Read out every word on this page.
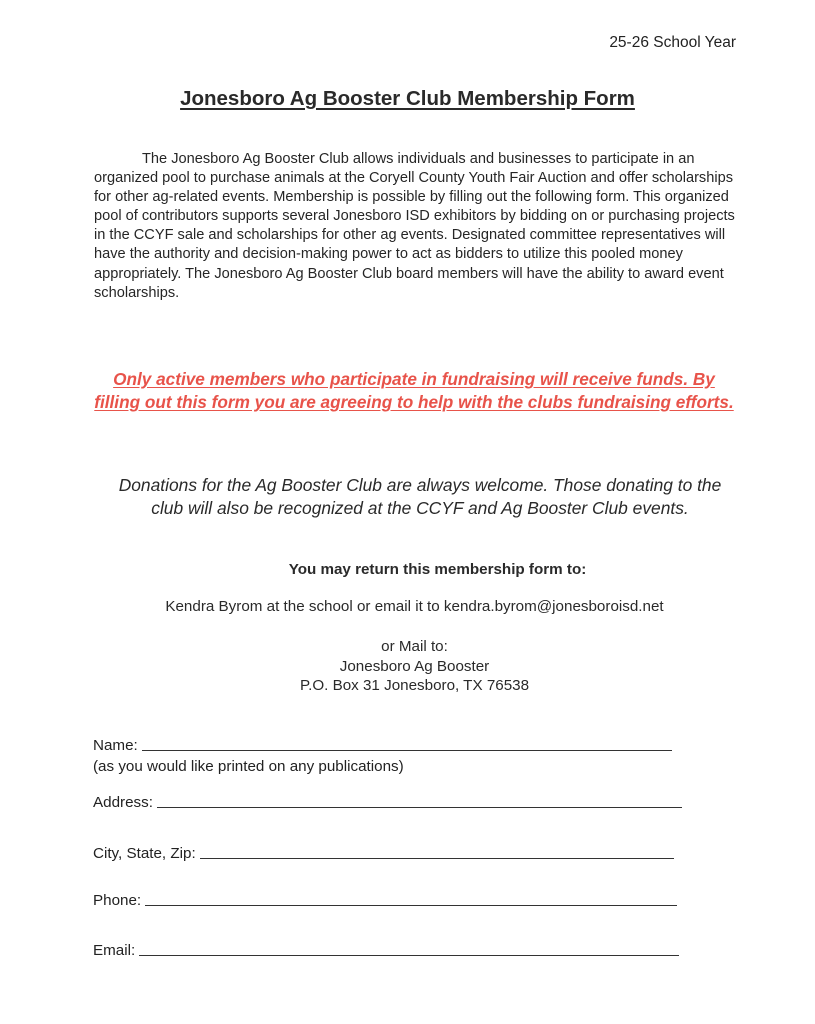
25-26 School Year
Jonesboro Ag Booster Club Membership Form
The Jonesboro Ag Booster Club allows individuals and businesses to participate in an organized pool to purchase animals at the Coryell County Youth Fair Auction and offer scholarships for other ag-related events. Membership is possible by filling out the following form. This organized pool of contributors supports several Jonesboro ISD exhibitors by bidding on or purchasing projects in the CCYF sale and scholarships for other ag events. Designated committee representatives will have the authority and decision-making power to act as bidders to utilize this pooled money appropriately. The Jonesboro Ag Booster Club board members will have the ability to award event scholarships.
Only active members who participate in fundraising will receive funds. By filling out this form you are agreeing to help with the clubs fundraising efforts.
Donations for the Ag Booster Club are always welcome. Those donating to the club will also be recognized at the CCYF and Ag Booster Club events.
You may return this membership form to:
Kendra Byrom at the school or email it to kendra.byrom@jonesboroisd.net
or Mail to:
Jonesboro Ag Booster
P.O. Box 31 Jonesboro, TX 76538
Name:
(as you would like printed on any publications)
Address:
City, State, Zip:
Phone:
Email:
